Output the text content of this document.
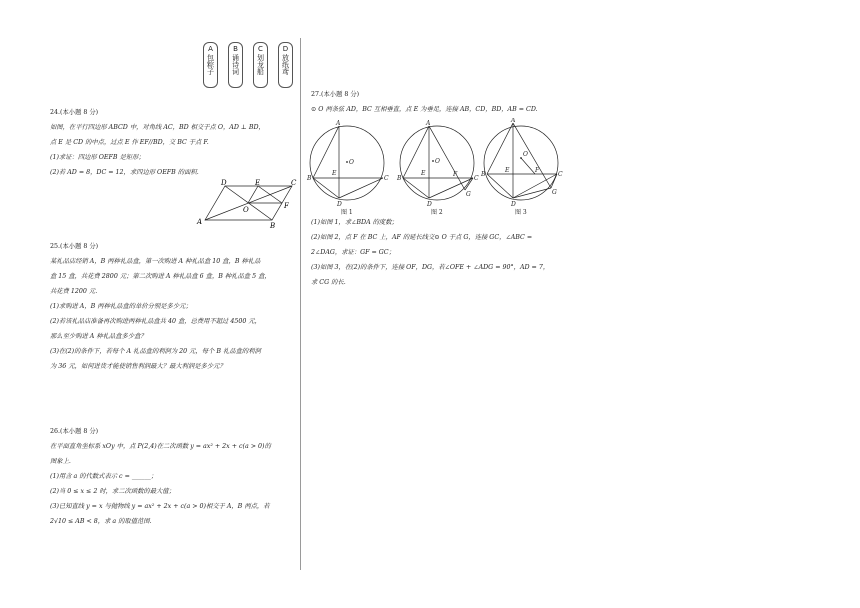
A
包粽子
B
诵诗词
C
划龙船
D
放纸鸢
24.(本小题 8 分)
如图，在平行四边形 ABCD 中，对角线 AC，BD 相交于点 O，AD ⊥ BD，
点 E 是 CD 的中点，过点 E 作 EF//BD，交 BC 于点 F.
(1)求证：四边形 OEFB 是矩形；
(2)若 AD = 8，DC = 12，求四边形 OEFB 的面积.
A	B
C
D	E
F
O
25.(本小题 8 分)
某礼品店经销 A，B 两种礼品盒，第一次购进 A 种礼品盒 10 盒，B 种礼品
盒 15 盒，共花费 2800 元；第二次购进 A 种礼品盒 6 盒，B 种礼品盒 5 盒，
共花费 1200 元.
(1)求购进 A，B 两种礼品盒的单价分别是多少元；
(2)若该礼品店准备再次购进两种礼品盒共 40 盒，总费用不超过 4500 元，
那么至少购进 A 种礼品盒多少盒？
(3)在(2)的条件下，若每个 A 礼品盒的利润为 20 元，每个 B 礼品盒的利润
为 36 元，如何进货才能使销售利润最大？最大利润是多少元？
26.(本小题 8 分)
在平面直角坐标系 xOy 中，点 P(2,4)在二次函数 y = ax² + 2x + c(a > 0)的
图象上.
(1)用含 a 的代数式表示 c = ______；
(2)当 0 ≤ x ≤ 2 时，求二次函数的最大值；
(3)已知直线 y = x 与抛物线 y = ax² + 2x + c(a > 0)相交于 A，B 两点，若
2√10 ≤ AB < 8，求 a 的取值范围.
27.(本小题 8 分)
⊙ O 两条弦 AD，BC 互相垂直，点 E 为垂足，连接 AB，CD，BD，AB = CD.
A
B	C
D
E
O
A
B	C
D
E	F
G
O
A
B	C
D
E	F
G
O
图 1	图 2	图 3
(1)如图 1，求∠BDA 的度数；
(2)如图 2，点 F 在 BC 上，AF 的延长线交⊙ O 于点 G，连接 GC，∠ABC =
2∠DAG，求证：GF = GC；
(3)如图 3，在(2)的条件下，连接 OF，DG，若∠OFE + ∠ADG = 90°，AD = 7，
求 CG 的长.
